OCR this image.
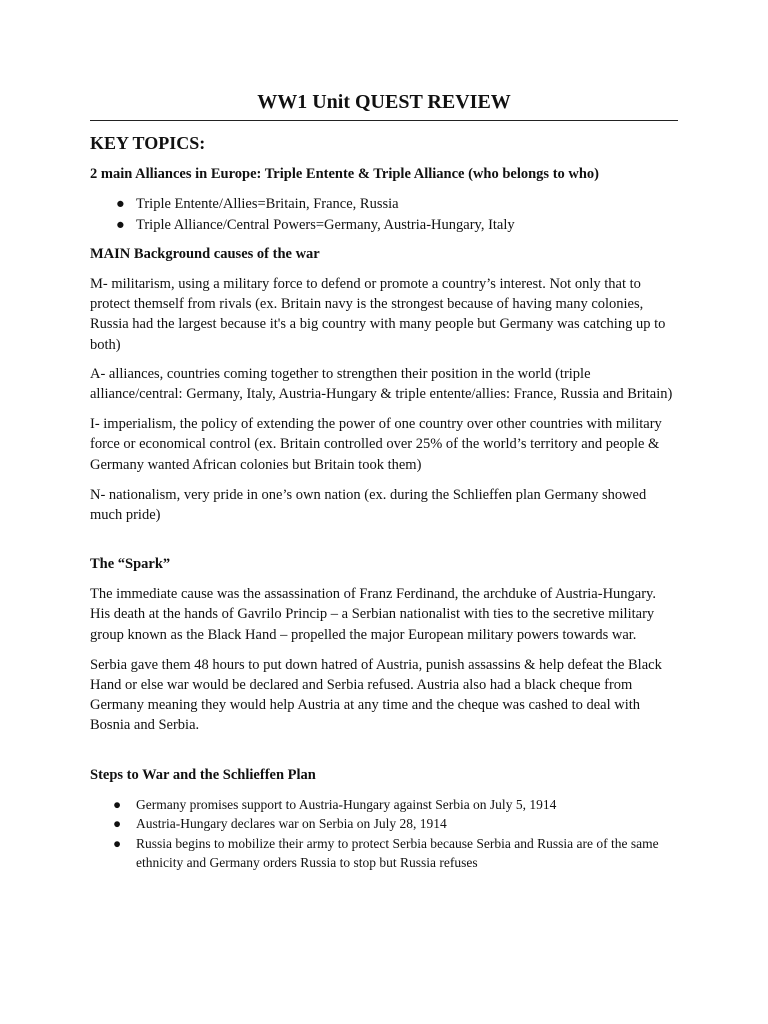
WW1 Unit QUEST REVIEW
KEY TOPICS:
2 main Alliances in Europe: Triple Entente & Triple Alliance (who belongs to who)
● Triple Entente/Allies=Britain, France, Russia
● Triple Alliance/Central Powers=Germany, Austria-Hungary, Italy
MAIN Background causes of the war

M- militarism, using a military force to defend or promote a country’s interest. Not only that to protect themself from rivals (ex. Britain navy is the strongest because of having many colonies, Russia had the largest because it's a big country with many people but Germany was catching up to both)

A- alliances, countries coming together to strengthen their position in the world (triple alliance/central: Germany, Italy, Austria-Hungary & triple entente/allies: France, Russia and Britain)

I- imperialism, the policy of extending the power of one country over other countries with military force or economical control (ex. Britain controlled over 25% of the world’s territory and people & Germany wanted African colonies but Britain took them)

N- nationalism, very pride in one’s own nation (ex. during the Schlieffen plan Germany showed much pride)

The “Spark”

The immediate cause was the assassination of Franz Ferdinand, the archduke of Austria-Hungary. His death at the hands of Gavrilo Princip – a Serbian nationalist with ties to the secretive military group known as the Black Hand – propelled the major European military powers towards war.

Serbia gave them 48 hours to put down hatred of Austria, punish assassins & help defeat the Black Hand or else war would be declared and Serbia refused. Austria also had a black cheque from Germany meaning they would help Austria at any time and the cheque was cashed to deal with Bosnia and Serbia.

Steps to War and the Schlieffen Plan
● Germany promises support to Austria-Hungary against Serbia on July 5, 1914
● Austria-Hungary declares war on Serbia on July 28, 1914
● Russia begins to mobilize their army to protect Serbia because Serbia and Russia are of the same ethnicity and Germany orders Russia to stop but Russia refuses
